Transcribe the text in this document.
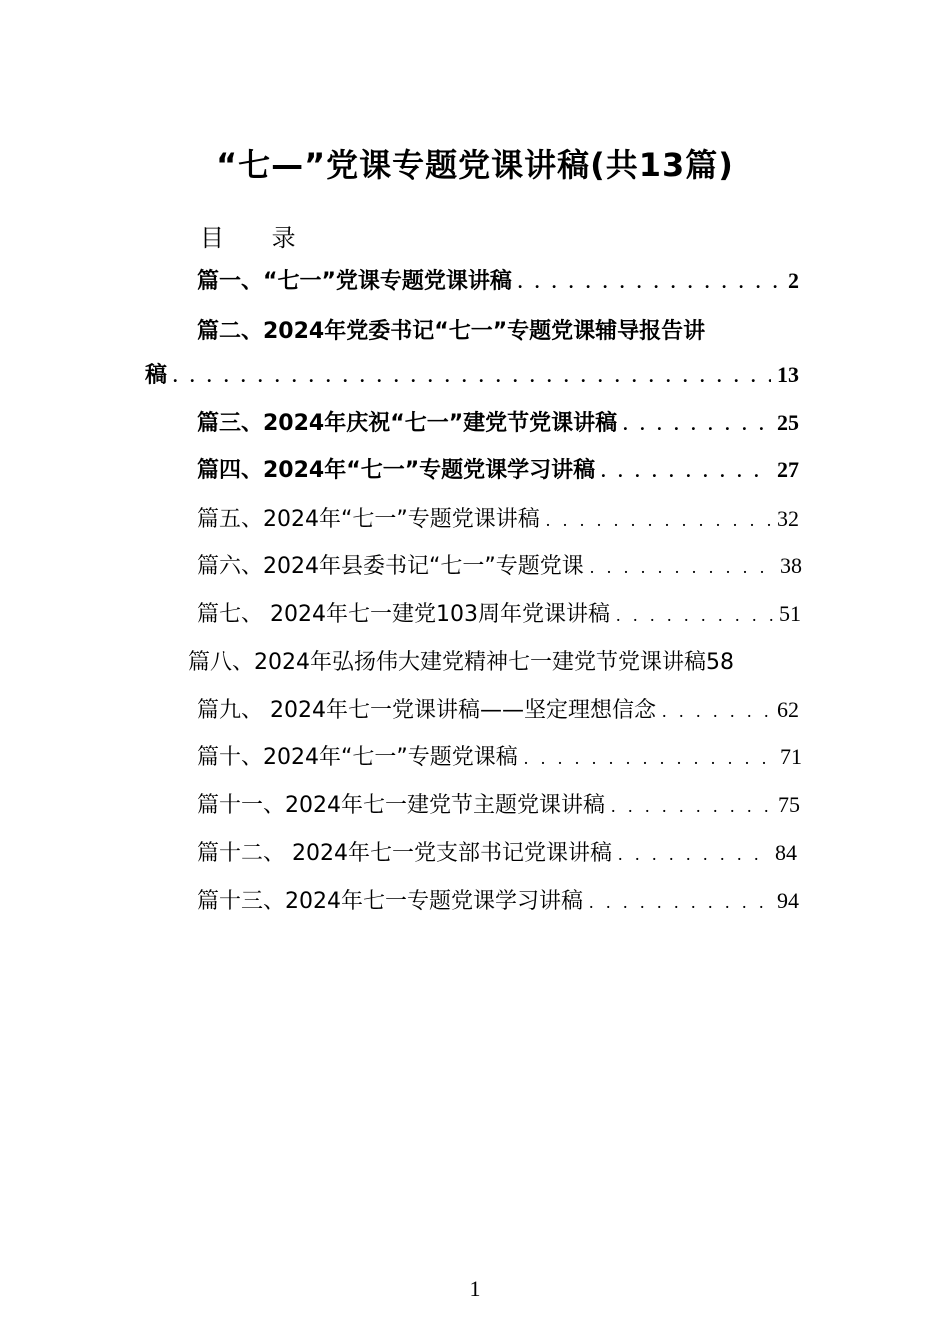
“七—”党课专题党课讲稿(共13篇)
目 录
篇一、“七一”党课专题党课讲稿 . . .	2
篇二、2024年党委书记“七一”专题党课辅导报告讲
稿 . . .	13
篇三、2024年庆祝“七一”建党节党课讲稿 . . .	25
篇四、2024年“七一”专题党课学习讲稿 . . .	27
篇五、2024年“七一”专题党课讲稿 . . .	32
篇六、2024年县委书记“七一”专题党课 . . .	38
篇七、 2024年七一建党103周年党课讲稿 . . .	51
篇八、2024年弘扬伟大建党精神七一建党节党课讲稿 58
篇九、 2024年七一党课讲稿——坚定理想信念 . . .	62
篇十、2024年“七一”专题党课稿 . . .	71
篇十一、2024年七一建党节主题党课讲稿 . . .	75
篇十二、 2024年七一党支部书记党课讲稿 . . .	84
篇十三、2024年七一专题党课学习讲稿 . . .	94
1
